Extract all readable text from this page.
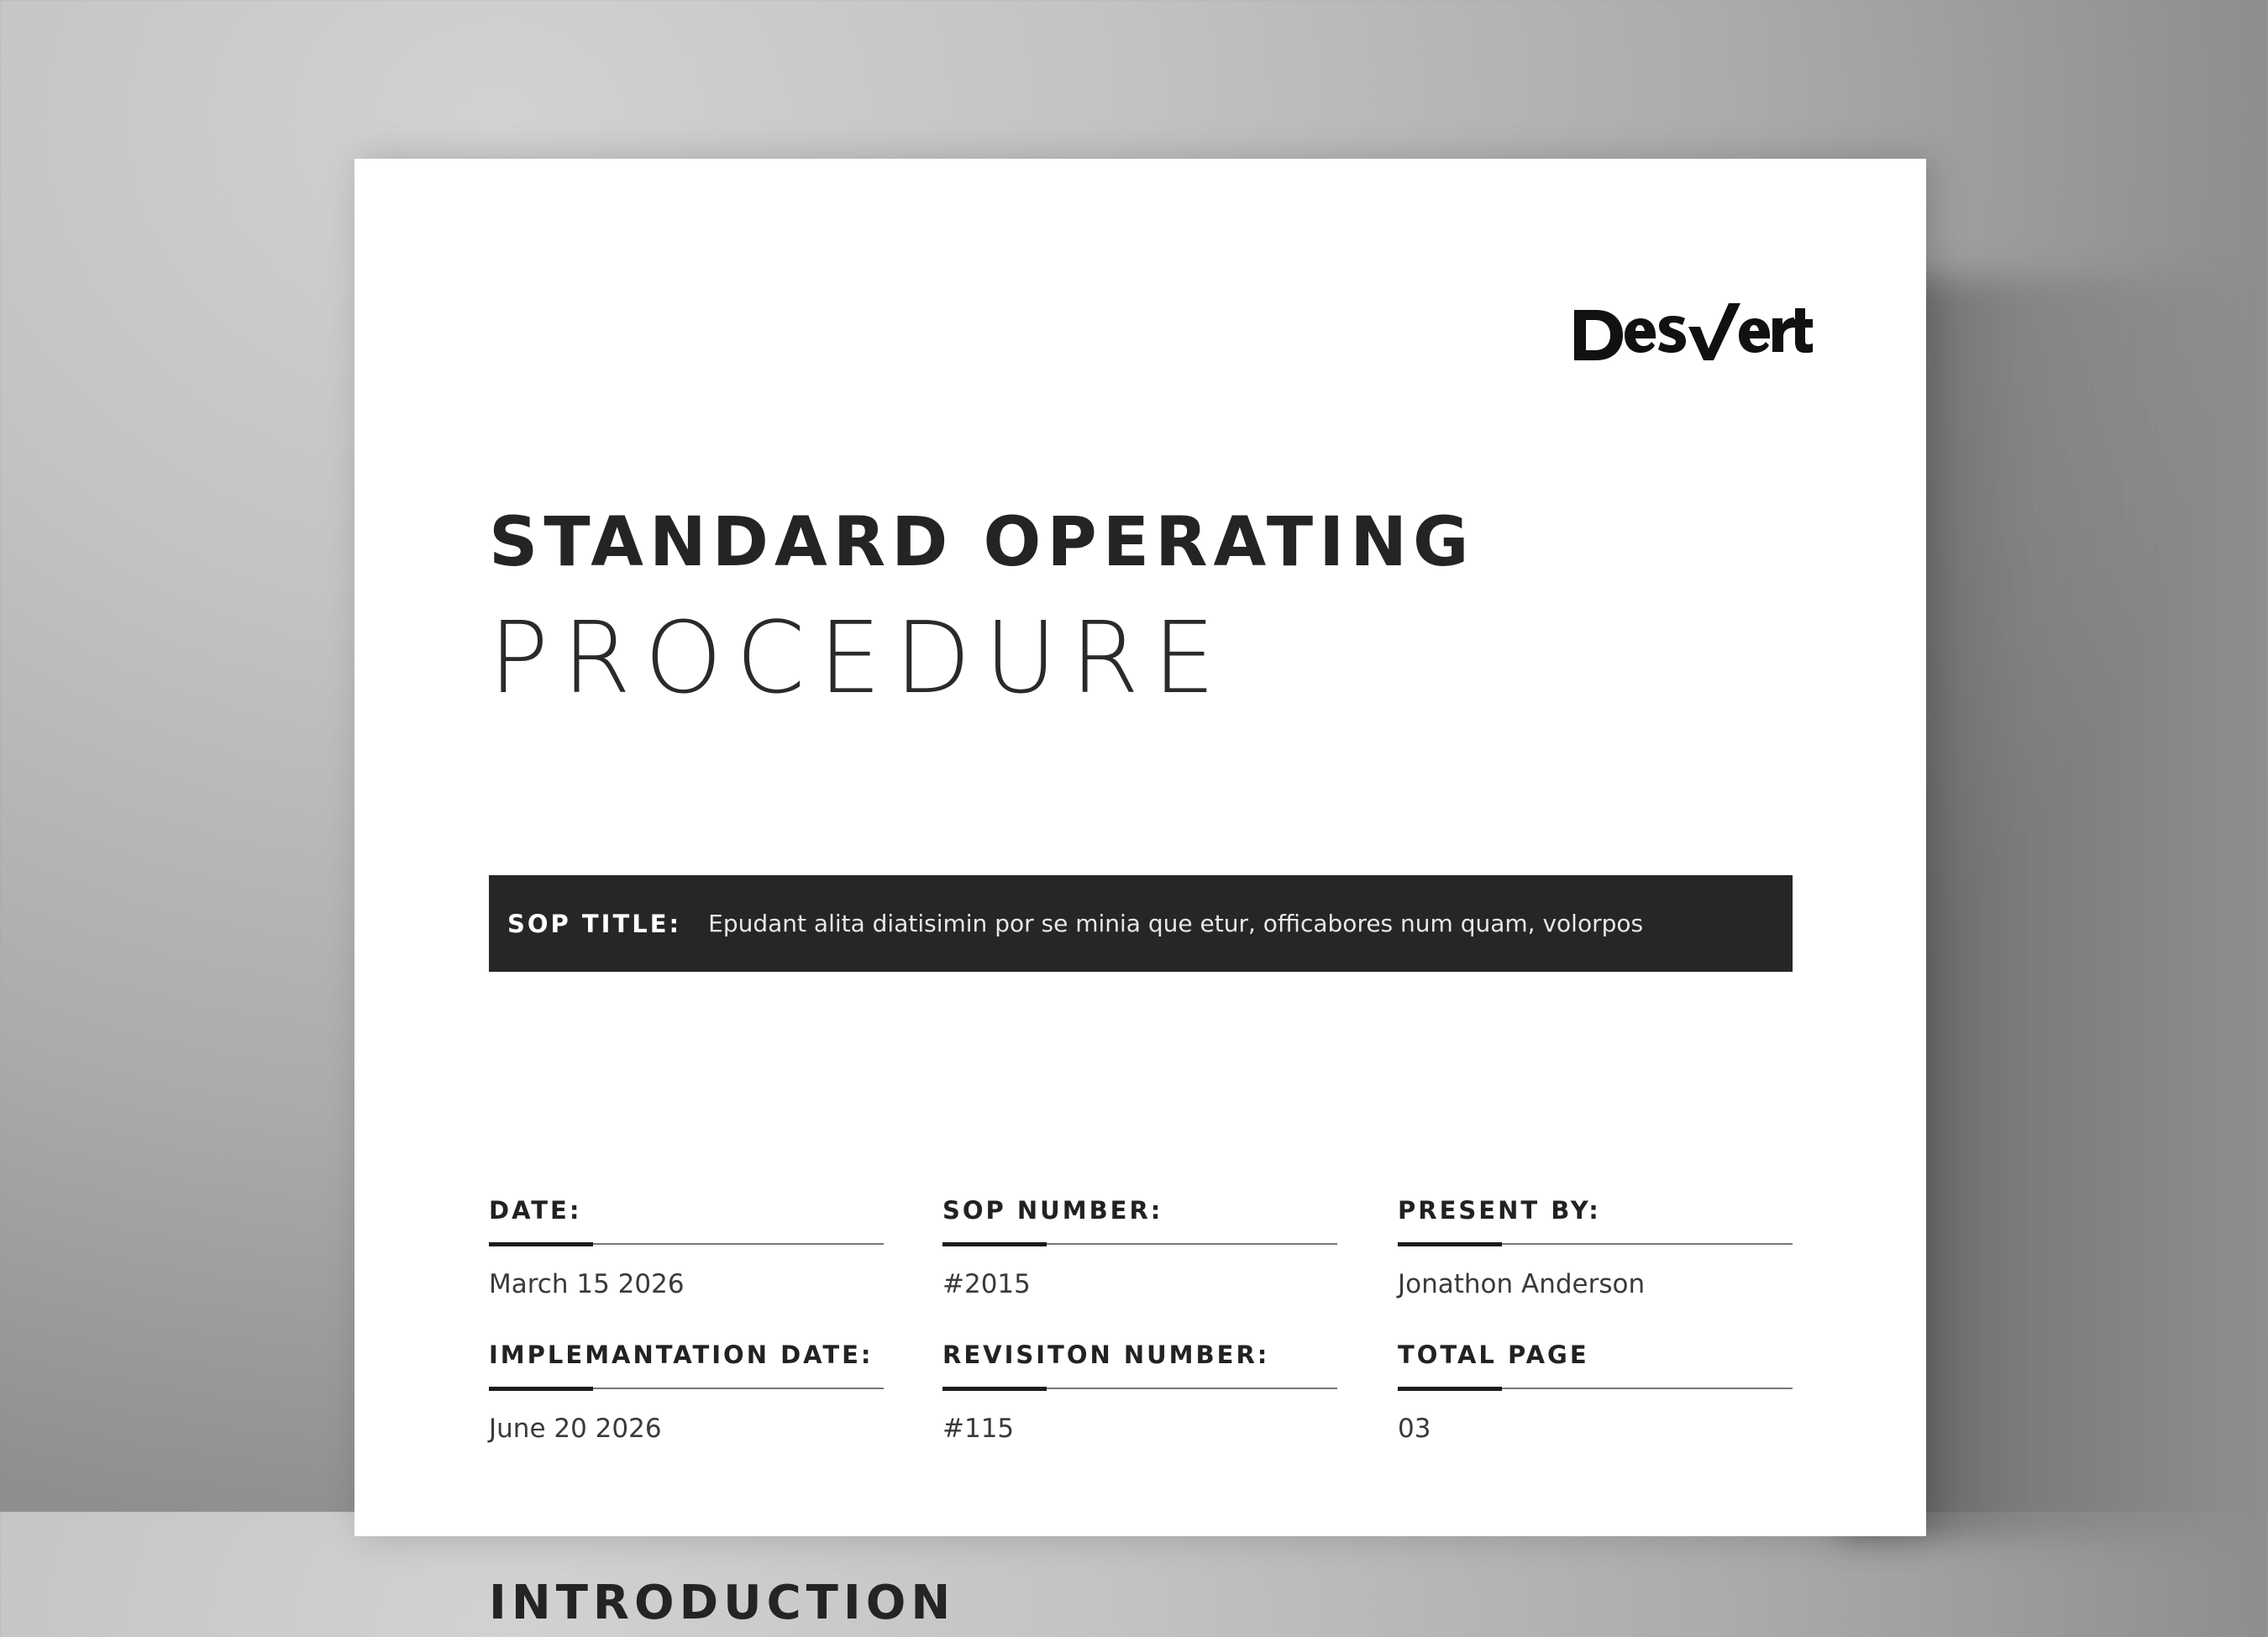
STANDARD OPERATING
PROCEDURE
SOP TITLE: Epudant alita diatisimin por se minia que etur, officabores num quam, volorpos
DATE:
March 15 2026
SOP NUMBER:
#2015
PRESENT BY:
Jonathon Anderson
IMPLEMANTATION DATE:
June 20 2026
REVISITON NUMBER:
#115
TOTAL PAGE
03
INTRODUCTION
